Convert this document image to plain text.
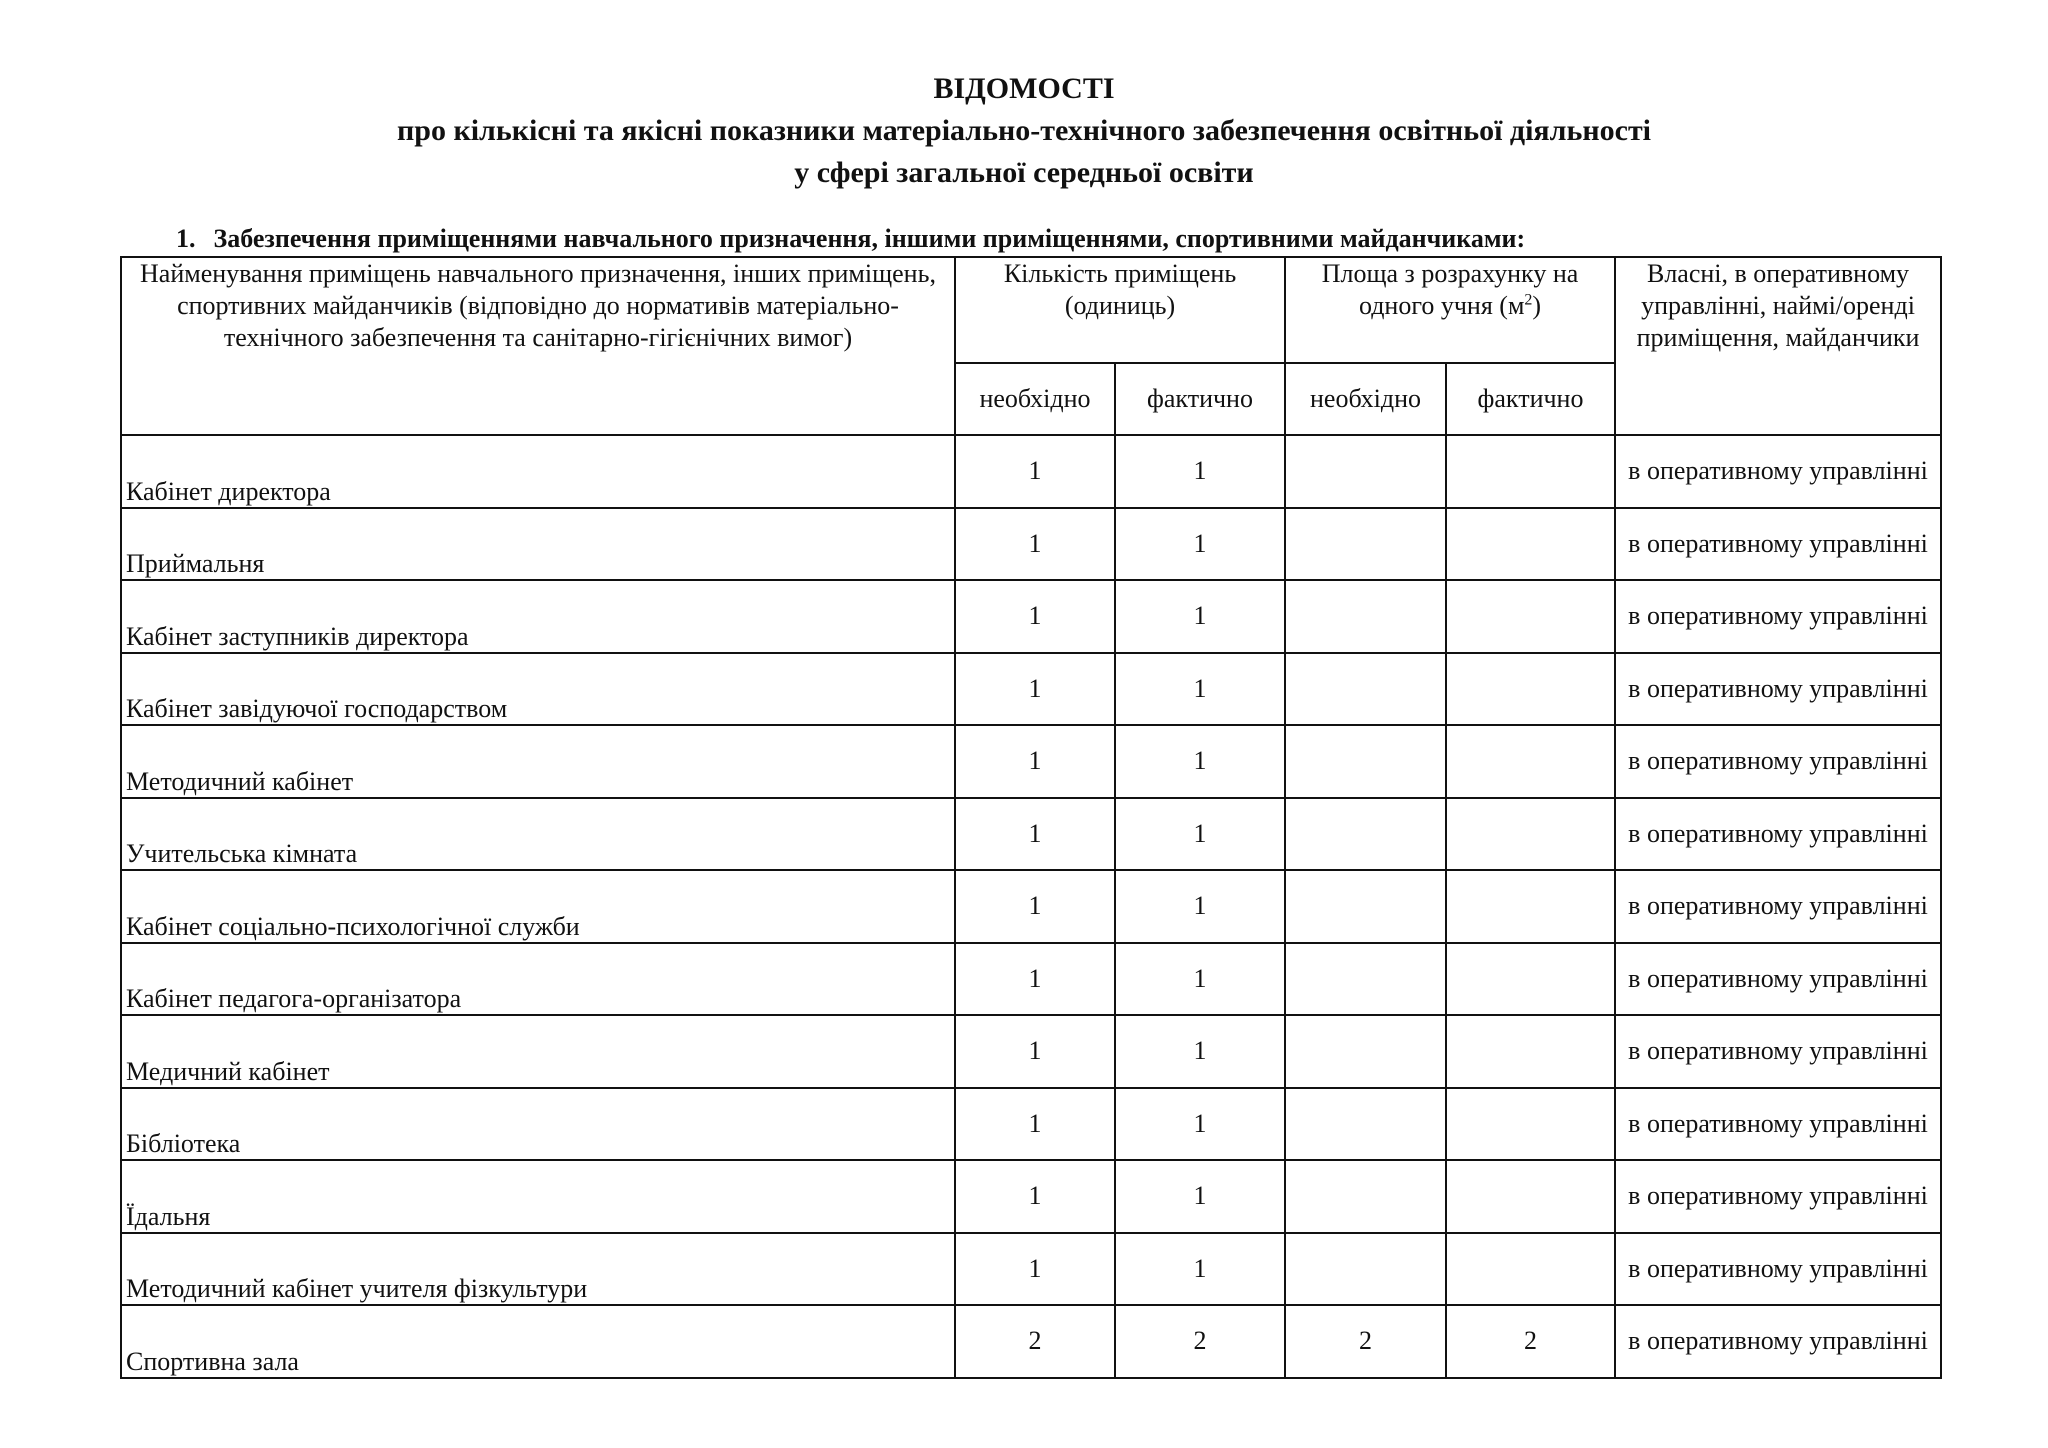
ВІДОМОСТІ
про кількісні та якісні показники матеріально-технічного забезпечення освітньої діяльності
у сфері загальної середньої освіти
1. Забезпечення приміщеннями навчального призначення, іншими приміщеннями, спортивними майданчиками:
Найменування приміщень навчального призначення, інших приміщень, спортивних майданчиків (відповідно до нормативів матеріально-технічного забезпечення та санітарно-гігієнічних вимог)	Кількість приміщень (одиниць)		Площа з розрахунку на одного учня $(м^2)$		Власні, в оперативному управлінні, наймі/оренді приміщення, майданчики
	необхідно	фактично	необхідно	фактично	
Кабінет директора	1	1			в оперативному управлінні
Приймальня	1	1			в оперативному управлінні
Кабінет заступників директора	1	1			в оперативному управлінні
Кабінет завідуючої господарством	1	1			в оперативному управлінні
Методичний кабінет	1	1			в оперативному управлінні
Учительська кімната	1	1			в оперативному управлінні
Кабінет соціально-психологічної служби	1	1			в оперативному управлінні
Кабінет педагога-організатора	1	1			в оперативному управлінні
Медичний кабінет	1	1			в оперативному управлінні
Бібліотека	1	1			в оперативному управлінні
Їдальня	1	1			в оперативному управлінні
Методичний кабінет учителя фізкультури	1	1			в оперативному управлінні
Спортивна зала	2	2	2	2	в оперативному управлінні
